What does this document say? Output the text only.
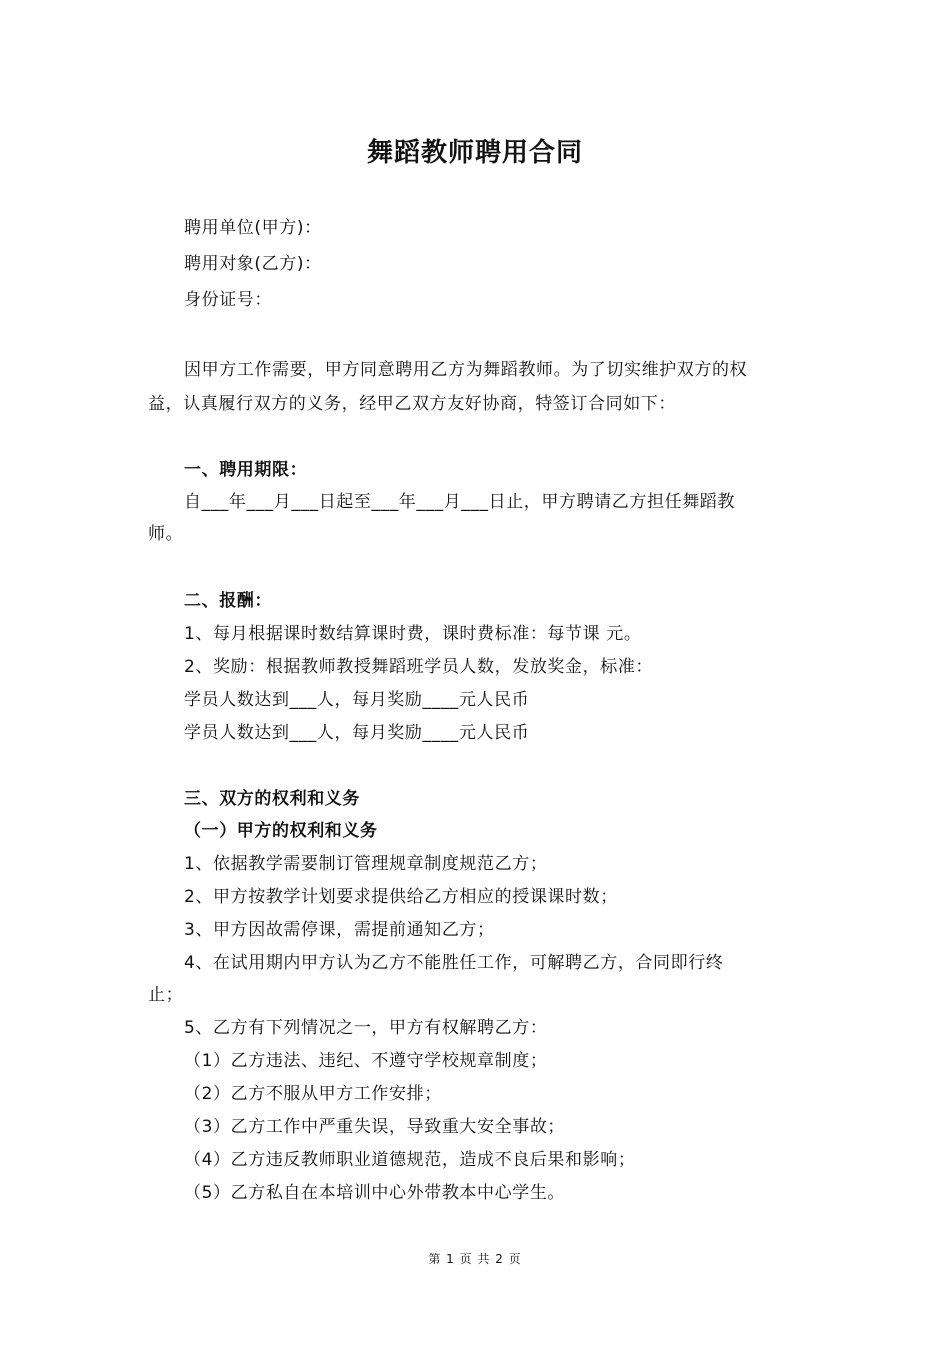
舞蹈教师聘用合同
聘用单位(甲方)：
聘用对象(乙方)：
身份证号：
因甲方工作需要，甲方同意聘用乙方为舞蹈教师。为了切实维护双方的权
益，认真履行双方的义务，经甲乙双方友好协商，特签订合同如下：
一、聘用期限：
自___年___月___日起至___年___月___日止，甲方聘请乙方担任舞蹈教
师。
二、报酬：
1、每月根据课时数结算课时费，课时费标准：每节课 元。
2、奖励：根据教师教授舞蹈班学员人数，发放奖金，标准：
学员人数达到___人，每月奖励____元人民币
学员人数达到___人，每月奖励____元人民币
三、双方的权利和义务
（一）甲方的权利和义务
1、依据教学需要制订管理规章制度规范乙方；
2、甲方按教学计划要求提供给乙方相应的授课课时数；
3、甲方因故需停课，需提前通知乙方；
4、在试用期内甲方认为乙方不能胜任工作，可解聘乙方，合同即行终
止；
5、乙方有下列情况之一，甲方有权解聘乙方：
（1）乙方违法、违纪、不遵守学校规章制度；
（2）乙方不服从甲方工作安排；
（3）乙方工作中严重失误，导致重大安全事故；
（4）乙方违反教师职业道德规范，造成不良后果和影响；
（5）乙方私自在本培训中心外带教本中心学生。
第 1 页 共 2 页
